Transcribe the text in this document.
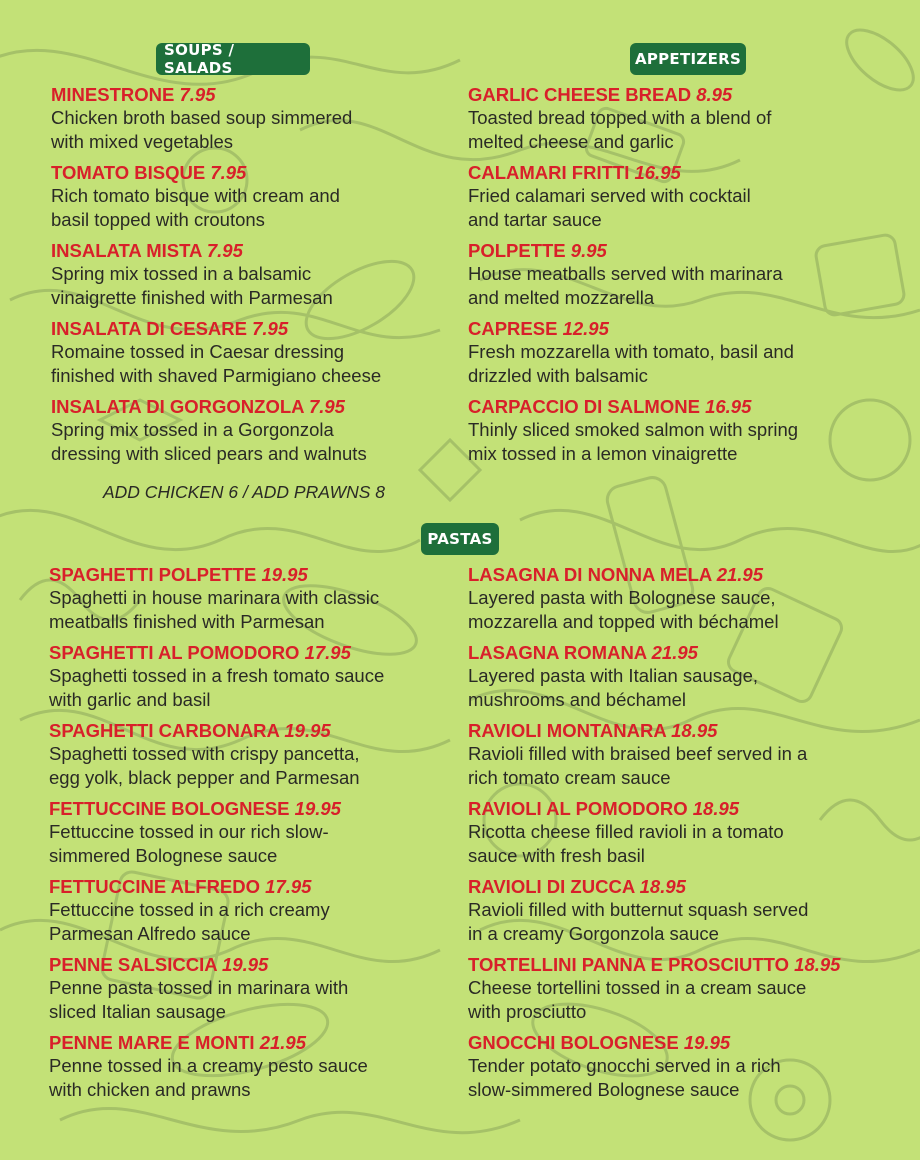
SOUPS / SALADS	APPETIZERS
PASTAS
MINESTRONE 7.95
Chicken broth based soup simmered
with mixed vegetables
TOMATO BISQUE 7.95
Rich tomato bisque with cream and
basil topped with croutons
INSALATA MISTA 7.95
Spring mix tossed in a balsamic
vinaigrette finished with Parmesan
INSALATA DI CESARE 7.95
Romaine tossed in Caesar dressing
finished with shaved Parmigiano cheese
INSALATA DI GORGONZOLA 7.95
Spring mix tossed in a Gorgonzola
dressing with sliced pears and walnuts
GARLIC CHEESE BREAD 8.95
Toasted bread topped with a blend of
melted cheese and garlic
CALAMARI FRITTI 16.95
Fried calamari served with cocktail
and tartar sauce
POLPETTE 9.95
House meatballs served with marinara
and melted mozzarella
CAPRESE 12.95
Fresh mozzarella with tomato, basil and
drizzled with balsamic
CARPACCIO DI SALMONE 16.95
Thinly sliced smoked salmon with spring
mix tossed in a lemon vinaigrette
SPAGHETTI POLPETTE 19.95
Spaghetti in house marinara with classic
meatballs finished with Parmesan
SPAGHETTI AL POMODORO 17.95
Spaghetti tossed in a fresh tomato sauce
with garlic and basil
SPAGHETTI CARBONARA 19.95
Spaghetti tossed with crispy pancetta,
egg yolk, black pepper and Parmesan
FETTUCCINE BOLOGNESE 19.95
Fettuccine tossed in our rich slow-
simmered Bolognese sauce
FETTUCCINE ALFREDO 17.95
Fettuccine tossed in a rich creamy
Parmesan Alfredo sauce
PENNE SALSICCIA 19.95
Penne pasta tossed in marinara with
sliced Italian sausage
PENNE MARE E MONTI 21.95
Penne tossed in a creamy pesto sauce
with chicken and prawns
LASAGNA DI NONNA MELA 21.95
Layered pasta with Bolognese sauce,
mozzarella and topped with béchamel
LASAGNA ROMANA 21.95
Layered pasta with Italian sausage,
mushrooms and béchamel
RAVIOLI MONTANARA 18.95
Ravioli filled with braised beef served in a
rich tomato cream sauce
RAVIOLI AL POMODORO 18.95
Ricotta cheese filled ravioli in a tomato
sauce with fresh basil
RAVIOLI DI ZUCCA 18.95
Ravioli filled with butternut squash served
in a creamy Gorgonzola sauce
TORTELLINI PANNA E PROSCIUTTO 18.95
Cheese tortellini tossed in a cream sauce
with prosciutto
GNOCCHI BOLOGNESE 19.95
Tender potato gnocchi served in a rich
slow-simmered Bolognese sauce
ADD CHICKEN 6 / ADD PRAWNS 8
